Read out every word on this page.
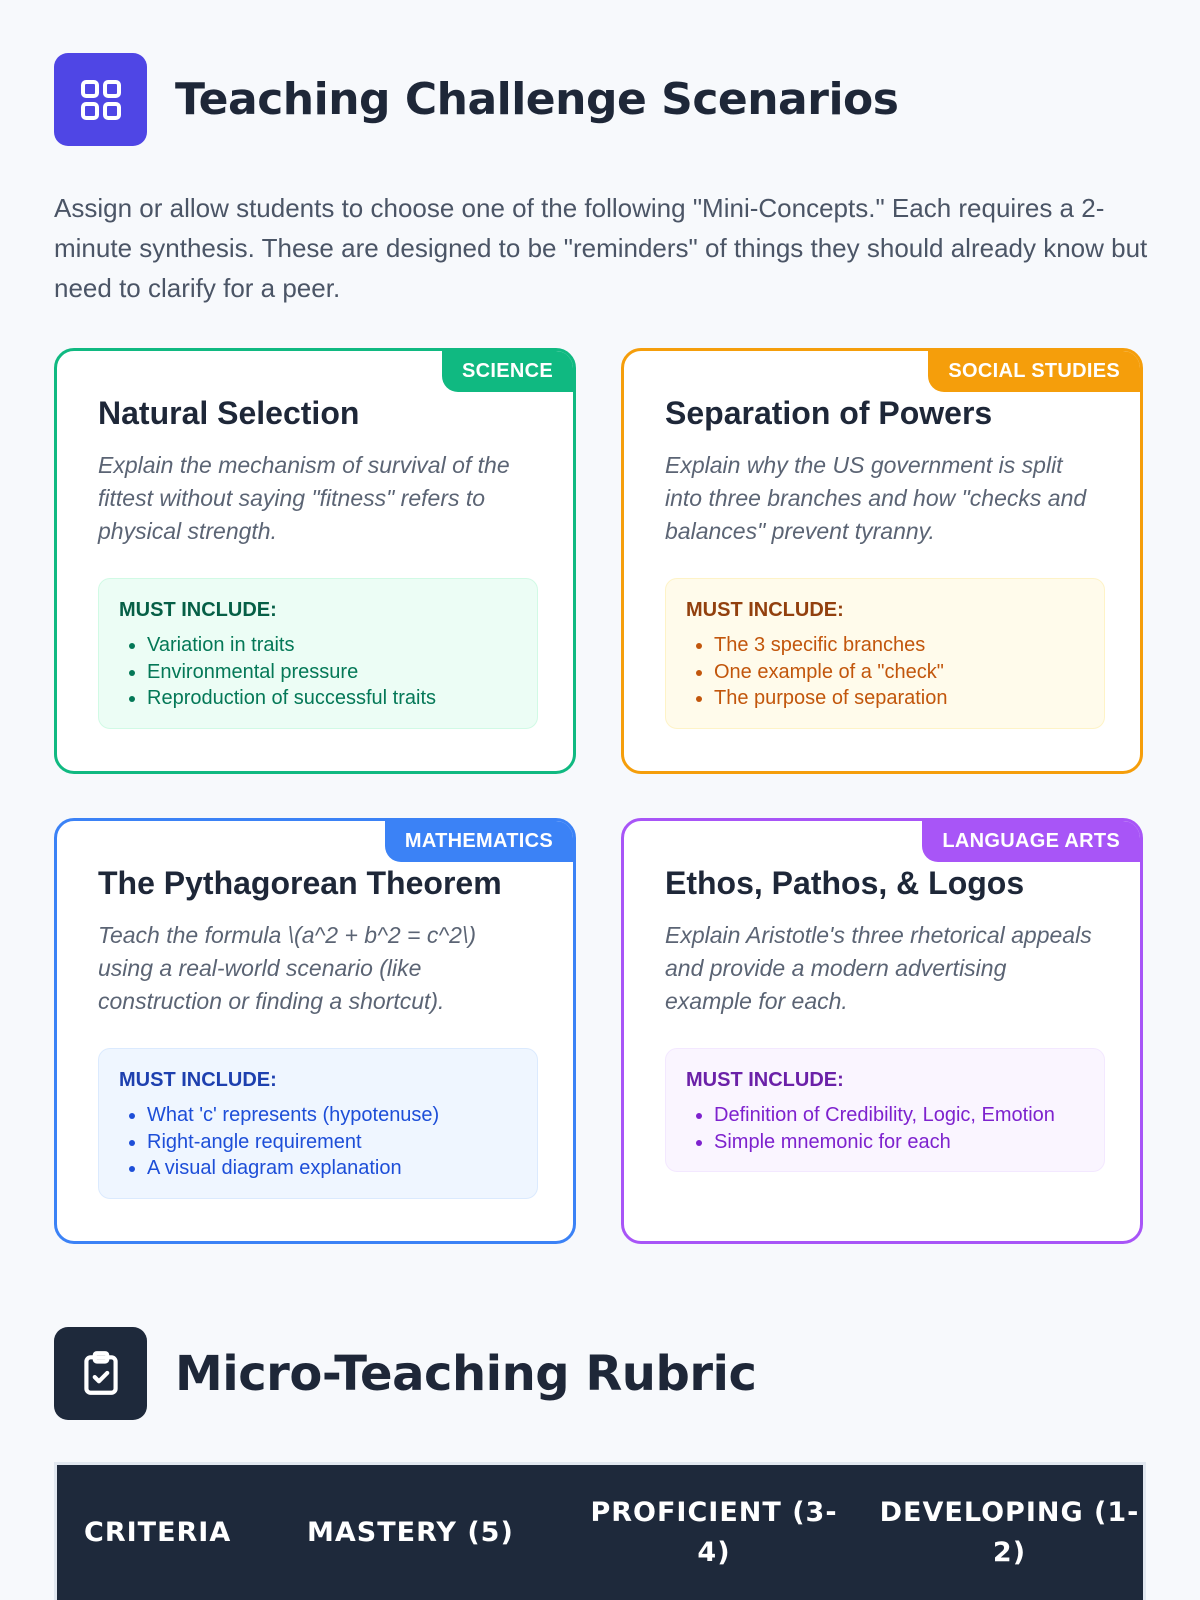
Teaching Challenge Scenarios
Assign or allow students to choose one of the following "Mini-Concepts." Each requires a 2-minute synthesis. These are designed to be "reminders" of things they should already know but need to clarify for a peer.
SCIENCE
Natural Selection
Explain the mechanism of survival of the fittest without saying "fitness" refers to physical strength.
MUST INCLUDE:
• Variation in traits
• Environmental pressure
• Reproduction of successful traits
SOCIAL STUDIES
Separation of Powers
Explain why the US government is split into three branches and how "checks and balances" prevent tyranny.
MUST INCLUDE:
• The 3 specific branches
• One example of a "check"
• The purpose of separation
MATHEMATICS
The Pythagorean Theorem
Teach the formula \(a^2 + b^2 = c^2\) using a real-world scenario (like construction or finding a shortcut).
MUST INCLUDE:
• What 'c' represents (hypotenuse)
• Right-angle requirement
• A visual diagram explanation
LANGUAGE ARTS
Ethos, Pathos, & Logos
Explain Aristotle's three rhetorical appeals and provide a modern advertising example for each.
MUST INCLUDE:
• Definition of Credibility, Logic, Emotion
• Simple mnemonic for each
Micro-Teaching Rubric
CRITERIA	MASTERY (5)
PROFICIENT (3-4)
DEVELOPING (1-2)
